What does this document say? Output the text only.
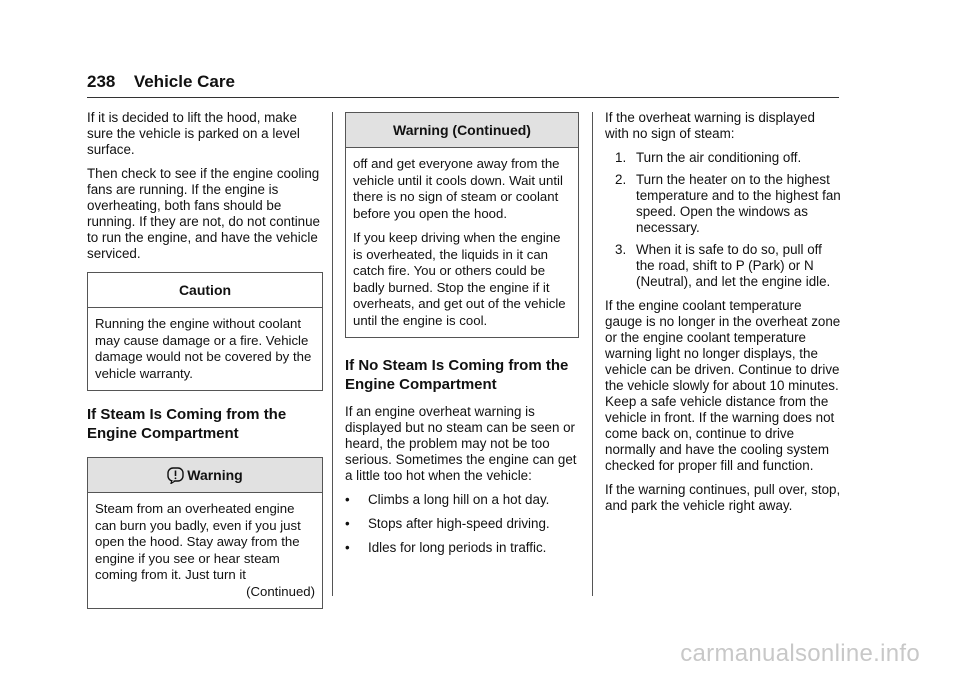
238 Vehicle Care

If it is decided to lift the hood, make sure the vehicle is parked on a level surface.

Then check to see if the engine cooling fans are running. If the engine is overheating, both fans should be running. If they are not, do not continue to run the engine, and have the vehicle serviced.

Caution

Running the engine without coolant may cause damage or a fire. Vehicle damage would not be covered by the vehicle warranty.

If Steam Is Coming from the Engine Compartment
Warning
Steam from an overheated engine can burn you badly, even if you just open the hood. Stay away from the engine if you see or hear steam coming from it. Just turn it
(Continued)
Warning (Continued)

off and get everyone away from the vehicle until it cools down. Wait until there is no sign of steam or coolant before you open the hood.

If you keep driving when the engine is overheated, the liquids in it can catch fire. You or others could be badly burned. Stop the engine if it overheats, and get out of the vehicle until the engine is cool.

If No Steam Is Coming from the Engine Compartment

If an engine overheat warning is displayed but no steam can be seen or heard, the problem may not be too serious. Sometimes the engine can get a little too hot when the vehicle:

• Climbs a long hill on a hot day.
• Stops after high-speed driving.
• Idles for long periods in traffic.

If the overheat warning is displayed with no sign of steam:

1. Turn the air conditioning off.
2. Turn the heater on to the highest temperature and to the highest fan speed. Open the windows as necessary.
3. When it is safe to do so, pull off the road, shift to P (Park) or N (Neutral), and let the engine idle.

If the engine coolant temperature gauge is no longer in the overheat zone or the engine coolant temperature warning light no longer displays, the vehicle can be driven. Continue to drive the vehicle slowly for about 10 minutes. Keep a safe vehicle distance from the vehicle in front. If the warning does not come back on, continue to drive normally and have the cooling system checked for proper fill and function.

If the warning continues, pull over, stop, and park the vehicle right away.

carmanualsonline.info
